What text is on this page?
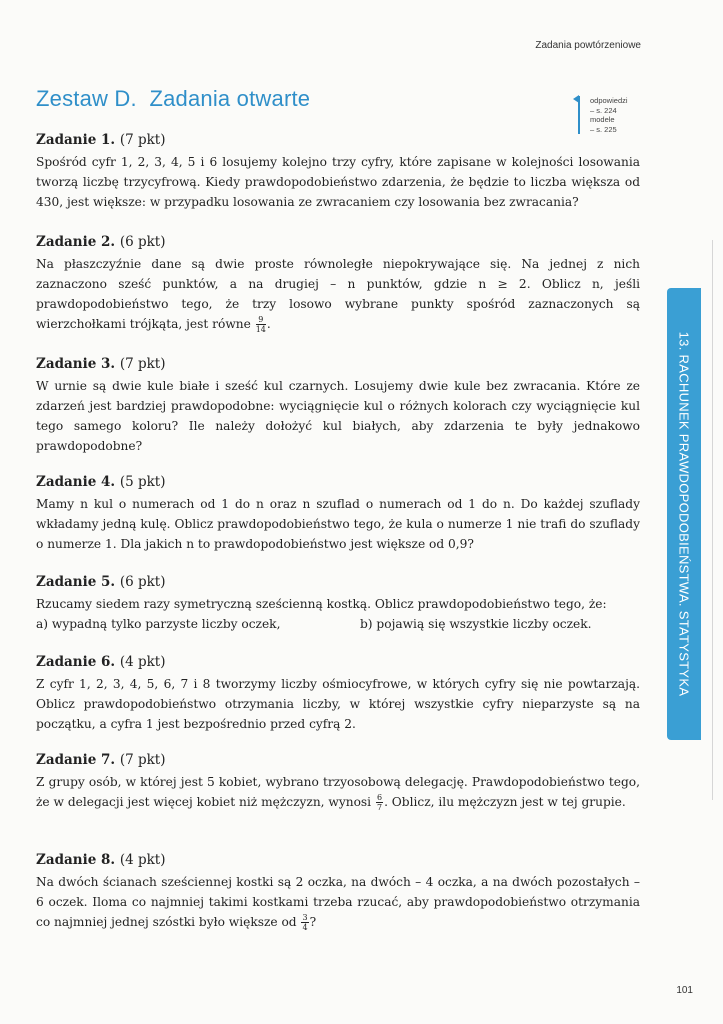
Zadania powtórzeniowe
Zestaw D. Zadania otwarte	odpowiedzi
– s. 224
modele
– s. 225
13. RACHUNEK PRAWDOPODOBIEŃSTWA. STATYSTYKA
Zadanie 1. (7 pkt)

Spośród cyfr 1, 2, 3, 4, 5 i 6 losujemy kolejno trzy cyfry, które zapisane w kolejności losowania tworzą liczbę trzycyfrową. Kiedy prawdopodobieństwo zdarzenia, że będzie to liczba większa od 430, jest większe: w przypadku losowania ze zwracaniem czy losowania bez zwracania?

Zadanie 2. (6 pkt)

Na płaszczyźnie dane są dwie proste równoległe niepokrywające się. Na jednej z nich zaznaczono sześć punktów, a na drugiej – n punktów, gdzie n ≥ 2. Oblicz n, jeśli prawdopodobieństwo tego, że trzy losowo wybrane punkty spośród zaznaczonych są wierzchołkami trójkąta, jest równe $\frac{9}{14}$ .

Zadanie 3. (7 pkt)

W urnie są dwie kule białe i sześć kul czarnych. Losujemy dwie kule bez zwracania. Które ze zdarzeń jest bardziej prawdopodobne: wyciągnięcie kul o różnych kolorach czy wyciągnięcie kul tego samego koloru? Ile należy dołożyć kul białych, aby zdarzenia te były jednakowo prawdopodobne?

Zadanie 4. (5 pkt)

Mamy n kul o numerach od 1 do n oraz n szuflad o numerach od 1 do n. Do każdej szuflady wkładamy jedną kulę. Oblicz prawdopodobieństwo tego, że kula o numerze 1 nie trafi do szuflady o numerze 1. Dla jakich n to prawdopodobieństwo jest większe od 0,9?

Zadanie 5. (6 pkt)

Rzucamy siedem razy symetryczną sześcienną kostką. Oblicz prawdopodobieństwo tego, że:

a) wypadną tylko parzyste liczby oczek,	b) pojawią się wszystkie liczby oczek.
Zadanie 6. (4 pkt)

Z cyfr 1, 2, 3, 4, 5, 6, 7 i 8 tworzymy liczby ośmiocyfrowe, w których cyfry się nie powtarzają. Oblicz prawdopodobieństwo otrzymania liczby, w której wszystkie cyfry nieparzyste są na początku, a cyfra 1 jest bezpośrednio przed cyfrą 2.

Zadanie 7. (7 pkt)

Z grupy osób, w której jest 5 kobiet, wybrano trzyosobową delegację. Prawdopodobieństwo tego, że w delegacji jest więcej kobiet niż mężczyzn, wynosi $\frac{6}{7}$ . Oblicz, ilu mężczyzn jest w tej grupie.

Zadanie 8. (4 pkt)

Na dwóch ścianach sześciennej kostki są 2 oczka, na dwóch – 4 oczka, a na dwóch pozostałych – 6 oczek. Iloma co najmniej takimi kostkami trzeba rzucać, aby prawdopodobieństwo otrzymania co najmniej jednej szóstki było większe od $\frac{3}{4}$ ?

101
